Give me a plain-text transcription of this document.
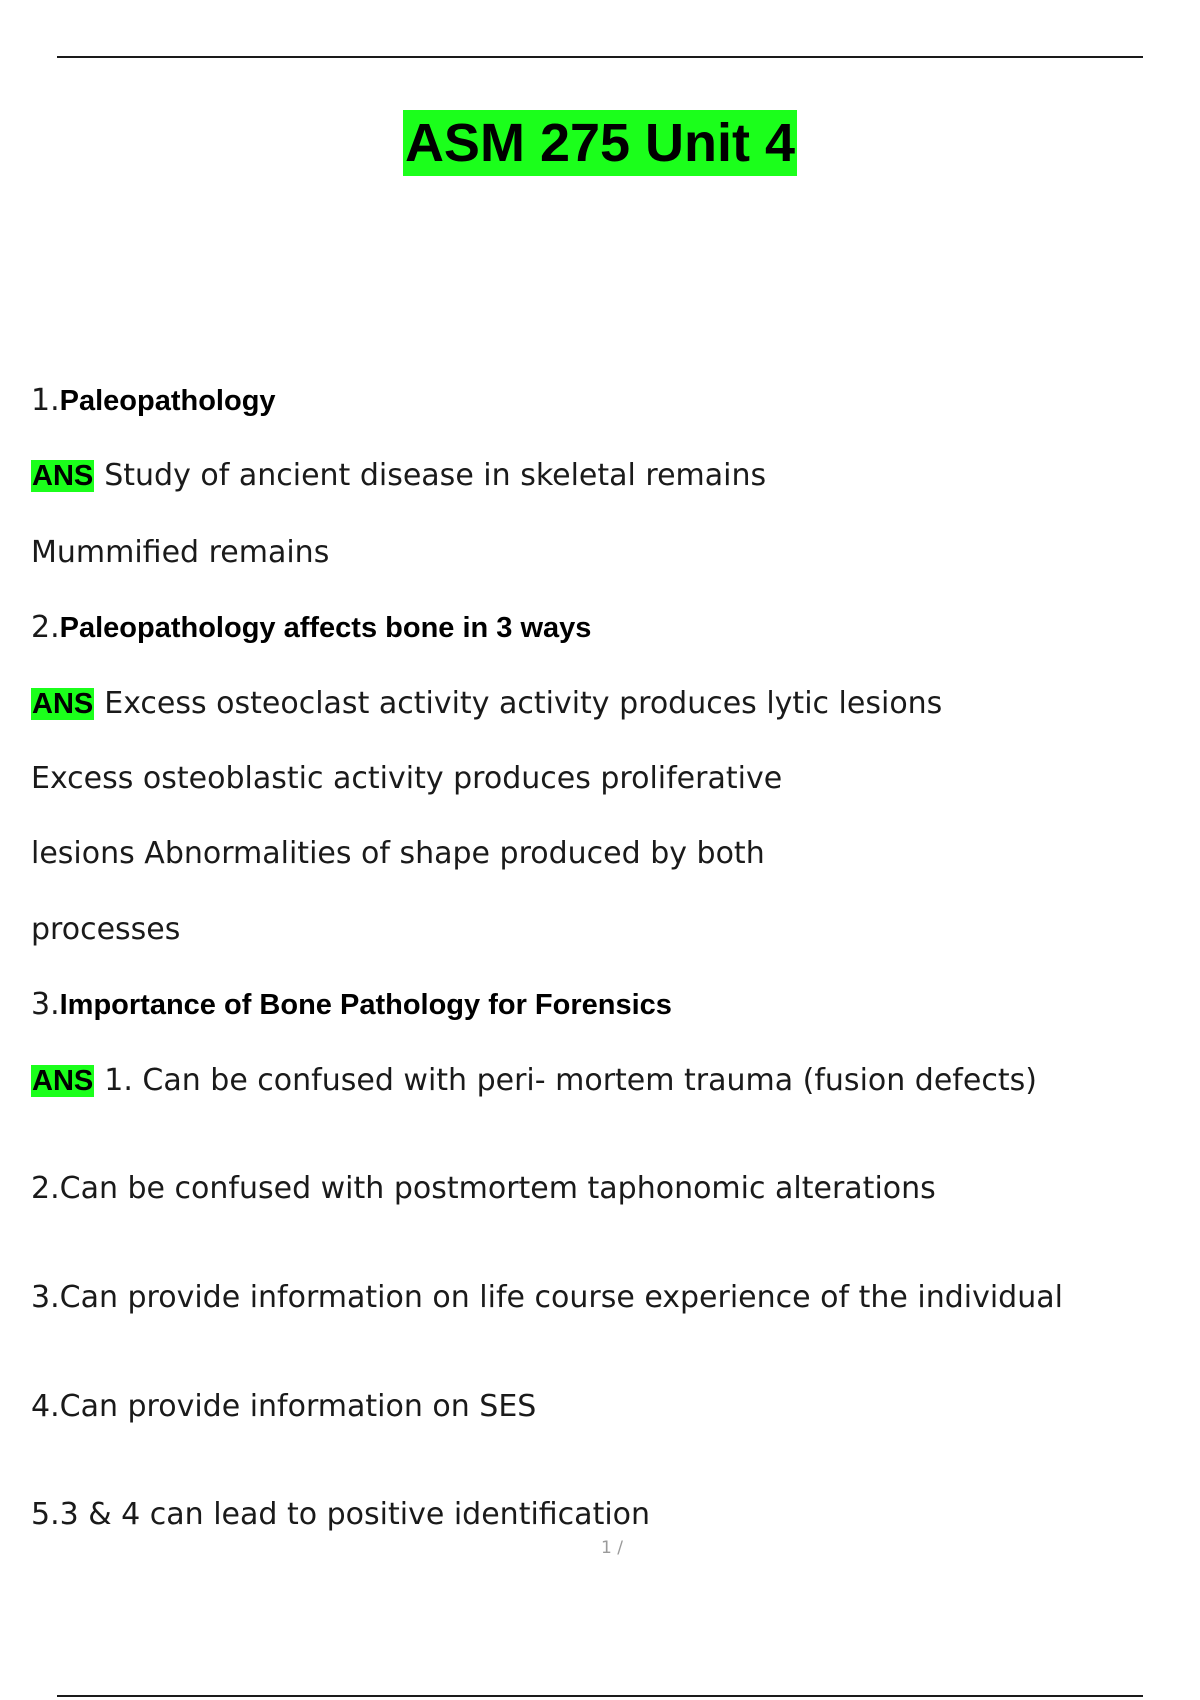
ASM 275 Unit 4
1.Paleopathology
ANS Study of ancient disease in skeletal remains
Mummified remains
2.Paleopathology affects bone in 3 ways
ANS Excess osteoclast activity activity produces lytic lesions
Excess osteoblastic activity produces proliferative
lesions Abnormalities of shape produced by both
processes
3.Importance of Bone Pathology for Forensics
ANS 1. Can be confused with peri- mortem trauma (fusion defects)
2.Can be confused with postmortem taphonomic alterations
3.Can provide information on life course experience of the individual
4.Can provide information on SES
5.3 & 4 can lead to positive identification
1 /
